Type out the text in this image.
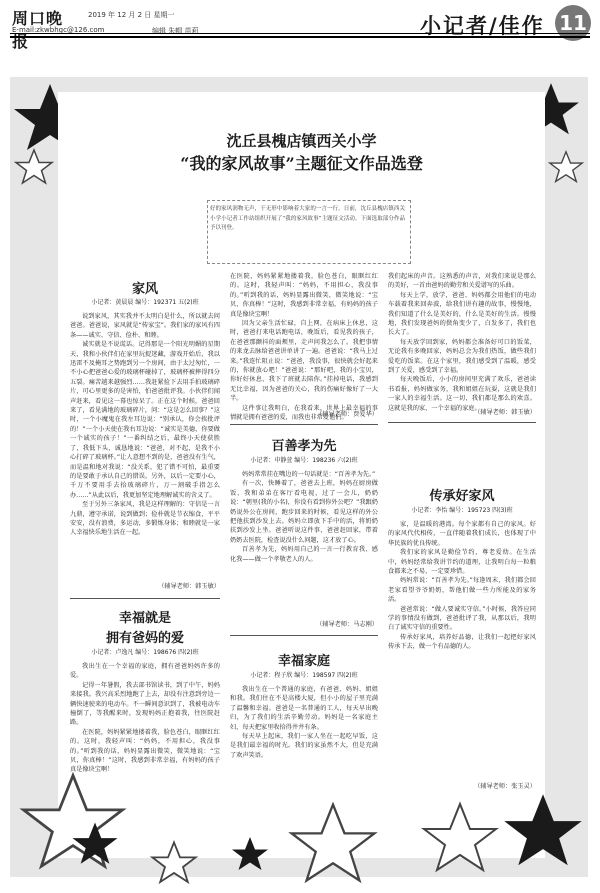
周口晚报
2019 年 12 月 2 日 星期一
E-mail:zkwbhgc@126.com	编辑 朱帽 苗莉	小记者/佳作 11
沈丘县槐店镇西关小学
“我的家风故事”主题征文作品选登
好的家风润物无声，于无形中影响着大家的一言一行。日前，沈丘县槐店镇西关小学小记者工作站组织开展了“我的家风故事”主题征文活动。下面选取部分作品予以刊登。
家风
小记者：黄晨晨 编号：192371 五(2)班

说到家风，其实我并不太明白是什么，所以就去问爸爸。爸爸说，家风就是“传家宝”。我们家的家风有四条——诚实、守信、俭朴、和睦。

诚实就是不说谎话。记得那是一个阳光明媚的星期天，我和小伙伴们在家里玩捉迷藏，游戏开始后，我以迅雷不及掩耳之势跑到另一个房间，由于太过匆忙，一不小心把爸爸心爱的玻璃杯碰掉了，玻璃杯被摔得四分五裂。痛苦越来越强烈……我赶紧捡下去用手拍玻璃碎片，可心里更多的是害怕，怕爸爸批评我。小伙伴们闻声赶来，看见这一幕也惊呆了。正在这个时候，爸爸回来了，看见满地的玻璃碎片，问：“这是怎么回事？”这时，一个小魔鬼在我左耳边说：“别承认，你会挨批评的！”一个小天使在我右耳边说：“诚实是美德，你要做一个诚实的孩子！”一番纠结之后，最终小天使获胜了，我低下头，诚恳地说：“爸爸，对不起，是我不小心打碎了玻璃杯。”让人意想不到的是，爸爸没有生气，而是温和地对我说：“没关系，犯了错不可怕，最重要的是要敢于承认自己的错误。另外，以后一定要小心，千万不要用手去拾玻璃碎片，万一割破手指怎么办……”从此以后，我更加坚定地理解诚实的含义了。

至于另外三条家风，我是这样理解的：守信是一言九鼎，遵守承诺，说到做到；俭朴就是节衣缩食，平平安安，没有浪费，多运动，多锻炼身体；和睦就是一家人幸福快乐地生活在一起。

（辅导老师：韩玉敏）
幸福就是
拥有爸妈的爱
小记者：卢逸凡 编号：198676 四(2)班

我出生在一个幸福的家庭，拥有爸爸妈妈许多的爱。

记得一年暑假，我去部书馆读书，到了中午，妈妈来接我。我兴高采烈地跑了上去，却没有注意到旁边一辆快速驶来的电动车。不一瞬间意识到了，我被电动车撞倒了，等我醒来时，发现妈妈正抱着我，往医院赶路。

在医院，妈妈紧紧地搂着我，脸色苍白，眼眶红红的。这时，我轻声叫：“妈妈，不用担心，我没事的。”听到我的话，妈妈显露出微笑，微笑地说：“宝贝，你真棒！”这时，我感到非常幸福，有妈妈的孩子真是像块宝啊！

在医院，妈妈紧紧地搂着我，脸色苍白，眼眶红红的。这时，我轻声叫：“妈妈，不用担心，我没事的。”听到我的话，妈妈显露出微笑，微笑地说：“宝贝，你真棒！”这时，我感到非常幸福，有妈妈的孩子真是像块宝啊！

因为父亲生活忙碌，自上网，在病床上休息，这时，爸爸打来电话跑电话，晚饭后，看见我的孩子，在爸爸那颤抖的面颊里，走声问我怎么了。我把事情的来龙去脉给爸爸讲单讲了一遍。爸爸说：“我马上过来。”我连忙阻止说：“爸爸，我没事，很快就会好起来的，你就放心吧！”爸爸说：“那好吧，我的小宝贝，你好好休息，我下了班就去陪你。”挂掉电话，我感到无比幸福，因为爸爸的关心，我的伤痛好像好了一大半。

这件事让我明白，在我看来，世界上最幸福的事情就是拥有爸爸的爱，而我也非常爱他们。

（辅导老师：贾爱华）
百善孝为先
小记者：申静萱 编号：198236 六(2)班

妈妈常常挂在嘴边的一句话就是：“百善孝为先。”

有一次，快睡着了，爸爸去上班，妈妈在厨房做饭，我和弟弟在客厅看电视，过了一会儿，奶奶说：“朝里(我的小名)，你没有看到你外公吧？”我跟奶奶说外公在房间，跑步回来的时候，看见这样的外公把他扶到沙发上去。妈妈立即放下手中的活，将奶奶扶到沙发上坐。爸爸听说这件事，爸爸赶回家，带着奶奶去医院，检查说没什么问题，这才放了心。

百善孝为先，妈妈用自己的一言一行教育我、感化我——做一个孝敬老人的人。

（辅导老师：马志刚）
幸福家庭
小记者：程子欣 编号：198597 四(2)班

我出生在一个普通的家庭，有爸爸、妈妈、姐姐和我。我们住在不是高楼大厦，但小小的屋子里充满了温馨和幸福。爸爸是一名普通的工人，每天早出晚归，为了我们的生活辛勤劳动。妈妈是一名家庭主妇，每天把家里收拾得井井有条。

每天早上起床，我们一家人坐在一起吃早饭，这是我们最幸福的时光。我们的家虽然不大，但是充满了欢声笑语。

我们起床的声音。这熟悉的声音，对我们来说是那么的美好，一首由爸妈的勤劳和关爱谱写的乐曲。

每天上学，放学，爸爸、妈妈都会用他们的电动车载着我来回奔波，给我们讲有趣的故事，慢慢地，我们知道了什么是美好的，什么是美好的生活。慢慢地，我们发现爸妈的鬓角变少了，白发多了，我们也长大了。

每天放学回到家，妈妈都会准备好可口的饭菜，无论我有多晚回家，妈妈总会为我们热饭，做些我们爱吃的饭菜。在这个家里，我们感受到了温暖，感受到了关爱，感受到了幸福。

每天晚饭后，小小的房间里充满了欢乐，爸爸读书看报，妈妈做家务，我和姐姐在玩耍，这就是我们一家人的幸福生活。这一切，我们都是那么的欢喜。这就是我的家，一个幸福的家庭。

（辅导老师：韩玉敏）
传承好家风
小记者：李怡 编号：195723 四(3)班

家，是温暖的港湾。每个家都有自己的家风。好的家风代代相传，一直伴随着我们成长，也体现了中华民族的优良传统。

我们家的家风是勤俭节约，尊老爱幼。在生活中，妈妈经常给我讲节约的道理，让我明白每一粒粮食都来之不易，一定要珍惜。

妈妈常说：“百善孝为先。”每逢周末，我们都会回老家看望爷爷奶奶，帮他们做一些力所能及的家务活。

爸爸常说：“做人要诚实守信。”小时候，我答应同学的事情没有做到，爸爸批评了我，从那以后，我明白了诚实守信的重要性。

传承好家风，培养好品德，让我们一起把好家风传承下去，做一个有品德的人。

（辅导老师：张玉灵）
